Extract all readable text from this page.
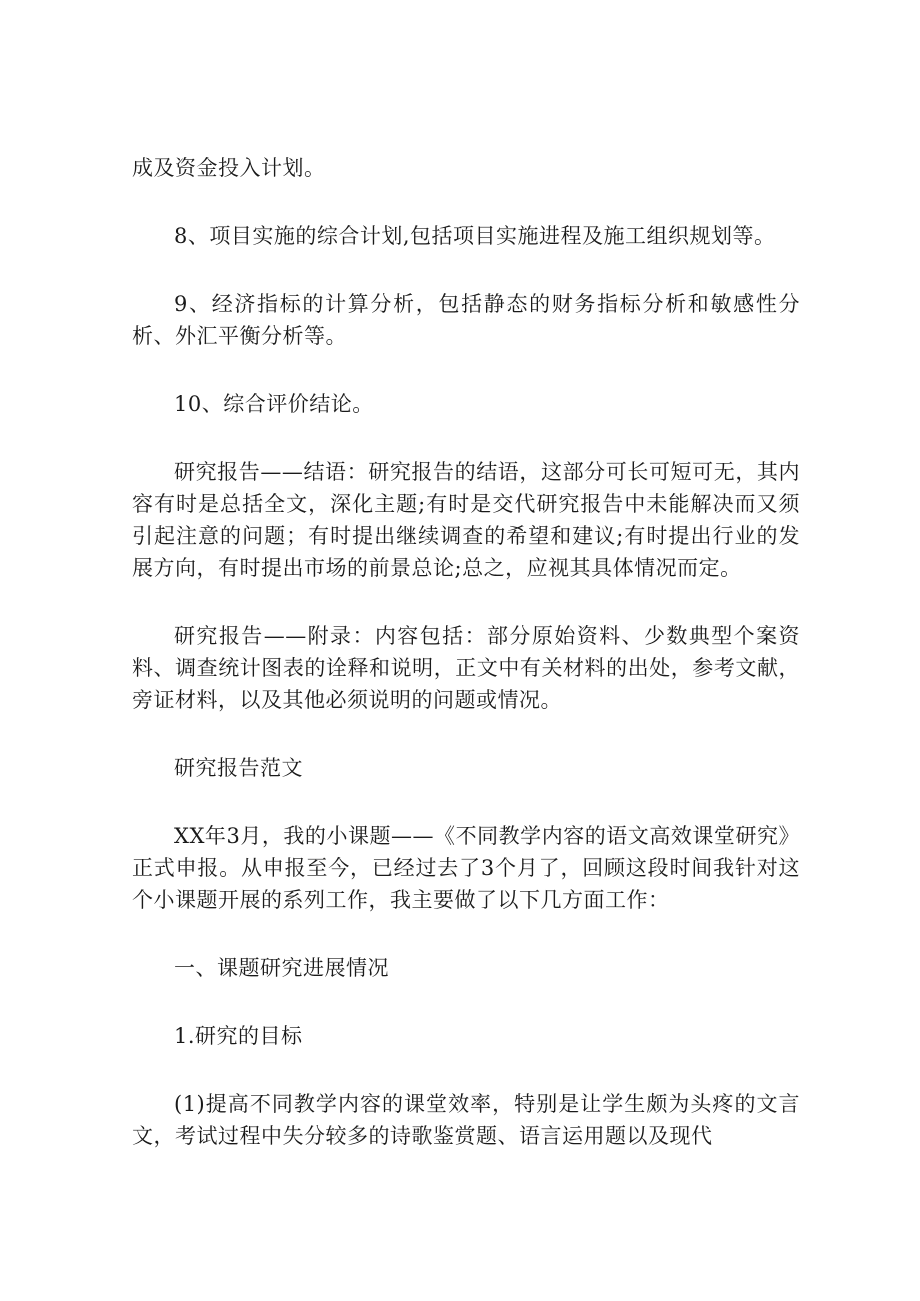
成及资金投入计划。

8、项目实施的综合计划,包括项目实施进程及施工组织规划等。

9、经济指标的计算分析，包括静态的财务指标分析和敏感性分析、外汇平衡分析等。

10、综合评价结论。

研究报告——结语：研究报告的结语，这部分可长可短可无，其内容有时是总括全文，深化主题;有时是交代研究报告中未能解决而又须引起注意的问题；有时提出继续调查的希望和建议;有时提出行业的发展方向，有时提出市场的前景总论;总之，应视其具体情况而定。

研究报告——附录：内容包括：部分原始资料、少数典型个案资料、调查统计图表的诠释和说明，正文中有关材料的出处，参考文献，旁证材料，以及其他必须说明的问题或情况。

研究报告范文

XX年3月，我的小课题——《不同教学内容的语文高效课堂研究》正式申报。从申报至今，已经过去了3个月了，回顾这段时间我针对这个小课题开展的系列工作，我主要做了以下几方面工作：

一、课题研究进展情况

1.研究的目标

(1)提高不同教学内容的课堂效率，特别是让学生颇为头疼的文言文，考试过程中失分较多的诗歌鉴赏题、语言运用题以及现代
